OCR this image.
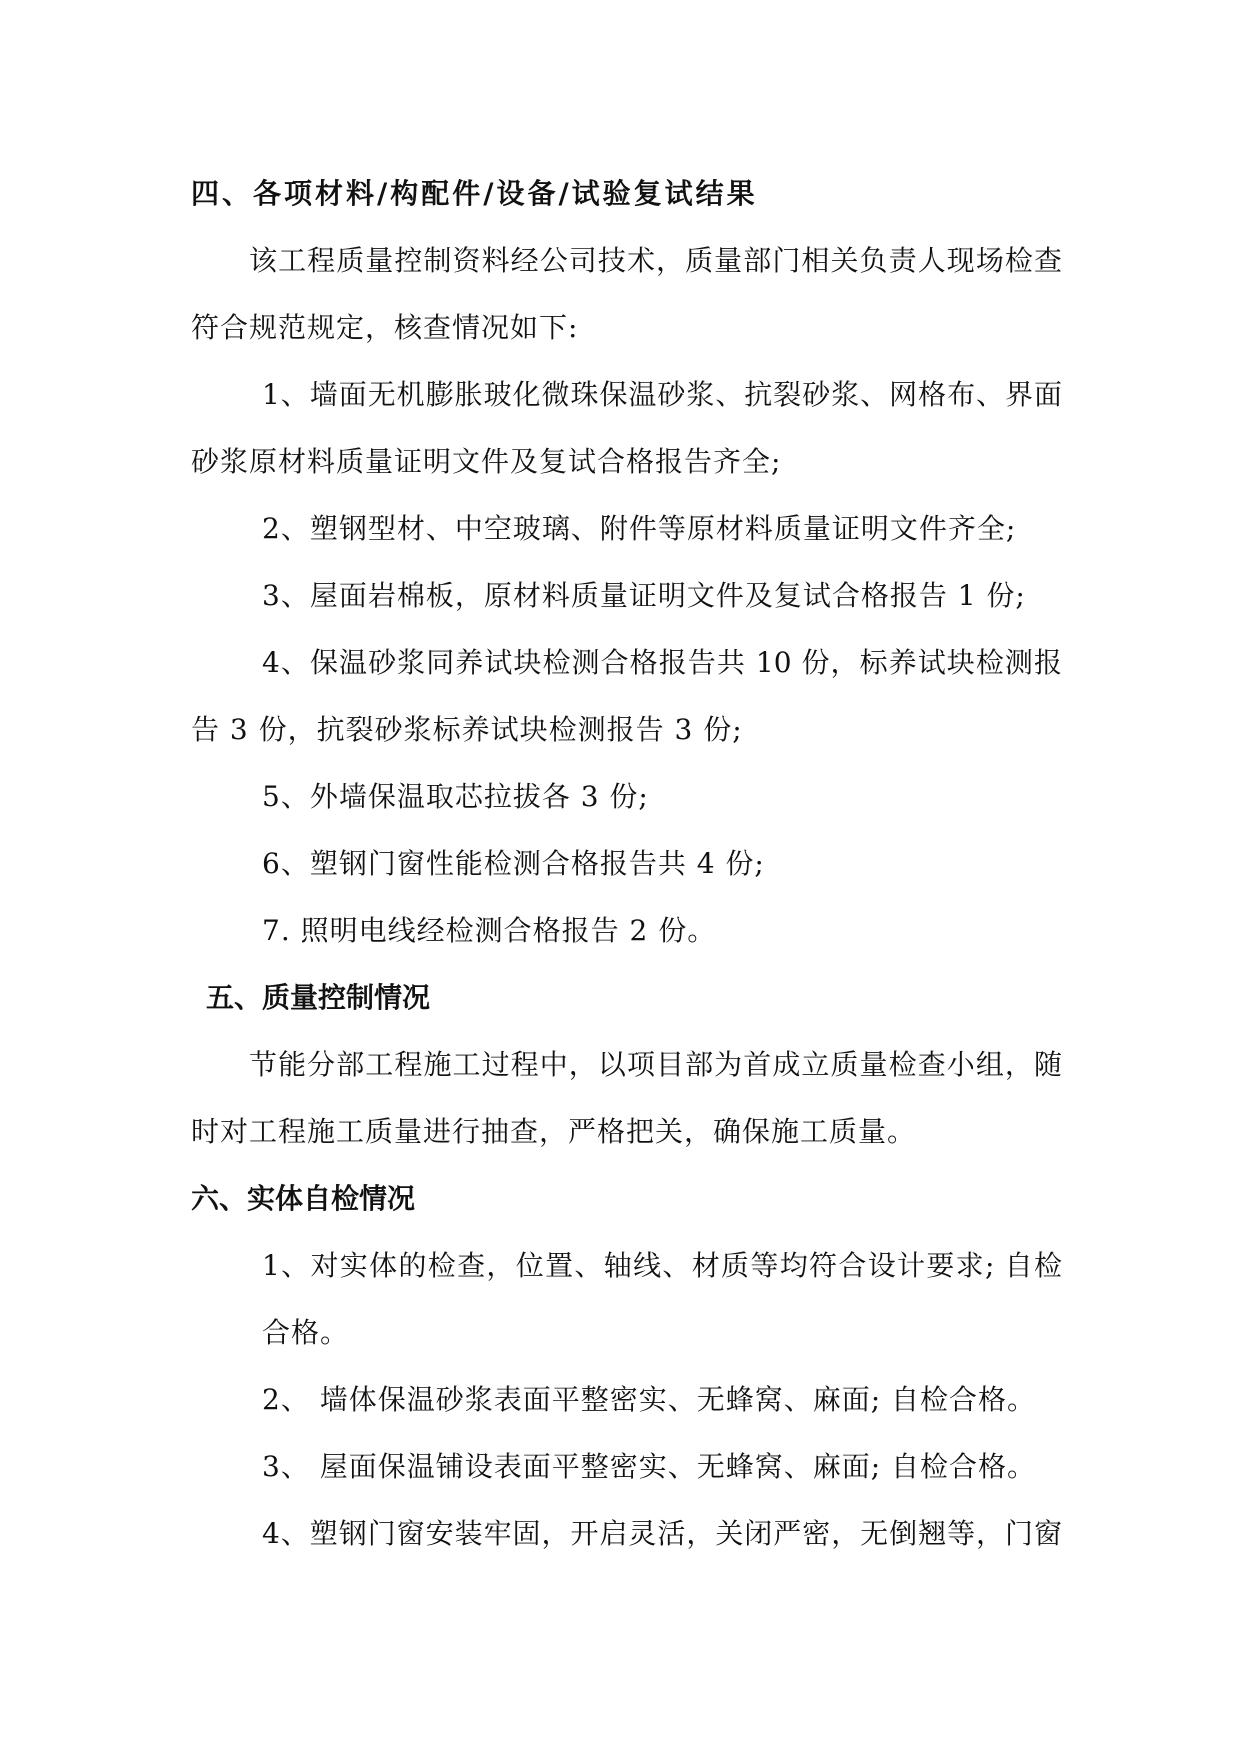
四、各项材料/构配件/设备/试验复试结果
该工程质量控制资料经公司技术，质量部门相关负责人现场检查
符合规范规定，核查情况如下:
1、墙面无机膨胀玻化微珠保温砂浆、抗裂砂浆、网格布、界面
砂浆原材料质量证明文件及复试合格报告齐全;
2、塑钢型材、中空玻璃、附件等原材料质量证明文件齐全;
3、屋面岩棉板，原材料质量证明文件及复试合格报告 1 份;
4、保温砂浆同养试块检测合格报告共 10 份，标养试块检测报
告 3 份，抗裂砂浆标养试块检测报告 3 份;
5、外墙保温取芯拉拔各 3 份;
6、塑钢门窗性能检测合格报告共 4 份;
7. 照明电线经检测合格报告 2 份。
五、质量控制情况
节能分部工程施工过程中，以项目部为首成立质量检查小组，随
时对工程施工质量进行抽查，严格把关，确保施工质量。
六、实体自检情况
1、对实体的检查，位置、轴线、材质等均符合设计要求; 自检
合格。
2、 墙体保温砂浆表面平整密实、无蜂窝、麻面; 自检合格。
3、 屋面保温铺设表面平整密实、无蜂窝、麻面; 自检合格。
4、塑钢门窗安装牢固，开启灵活，关闭严密，无倒翘等，门窗
